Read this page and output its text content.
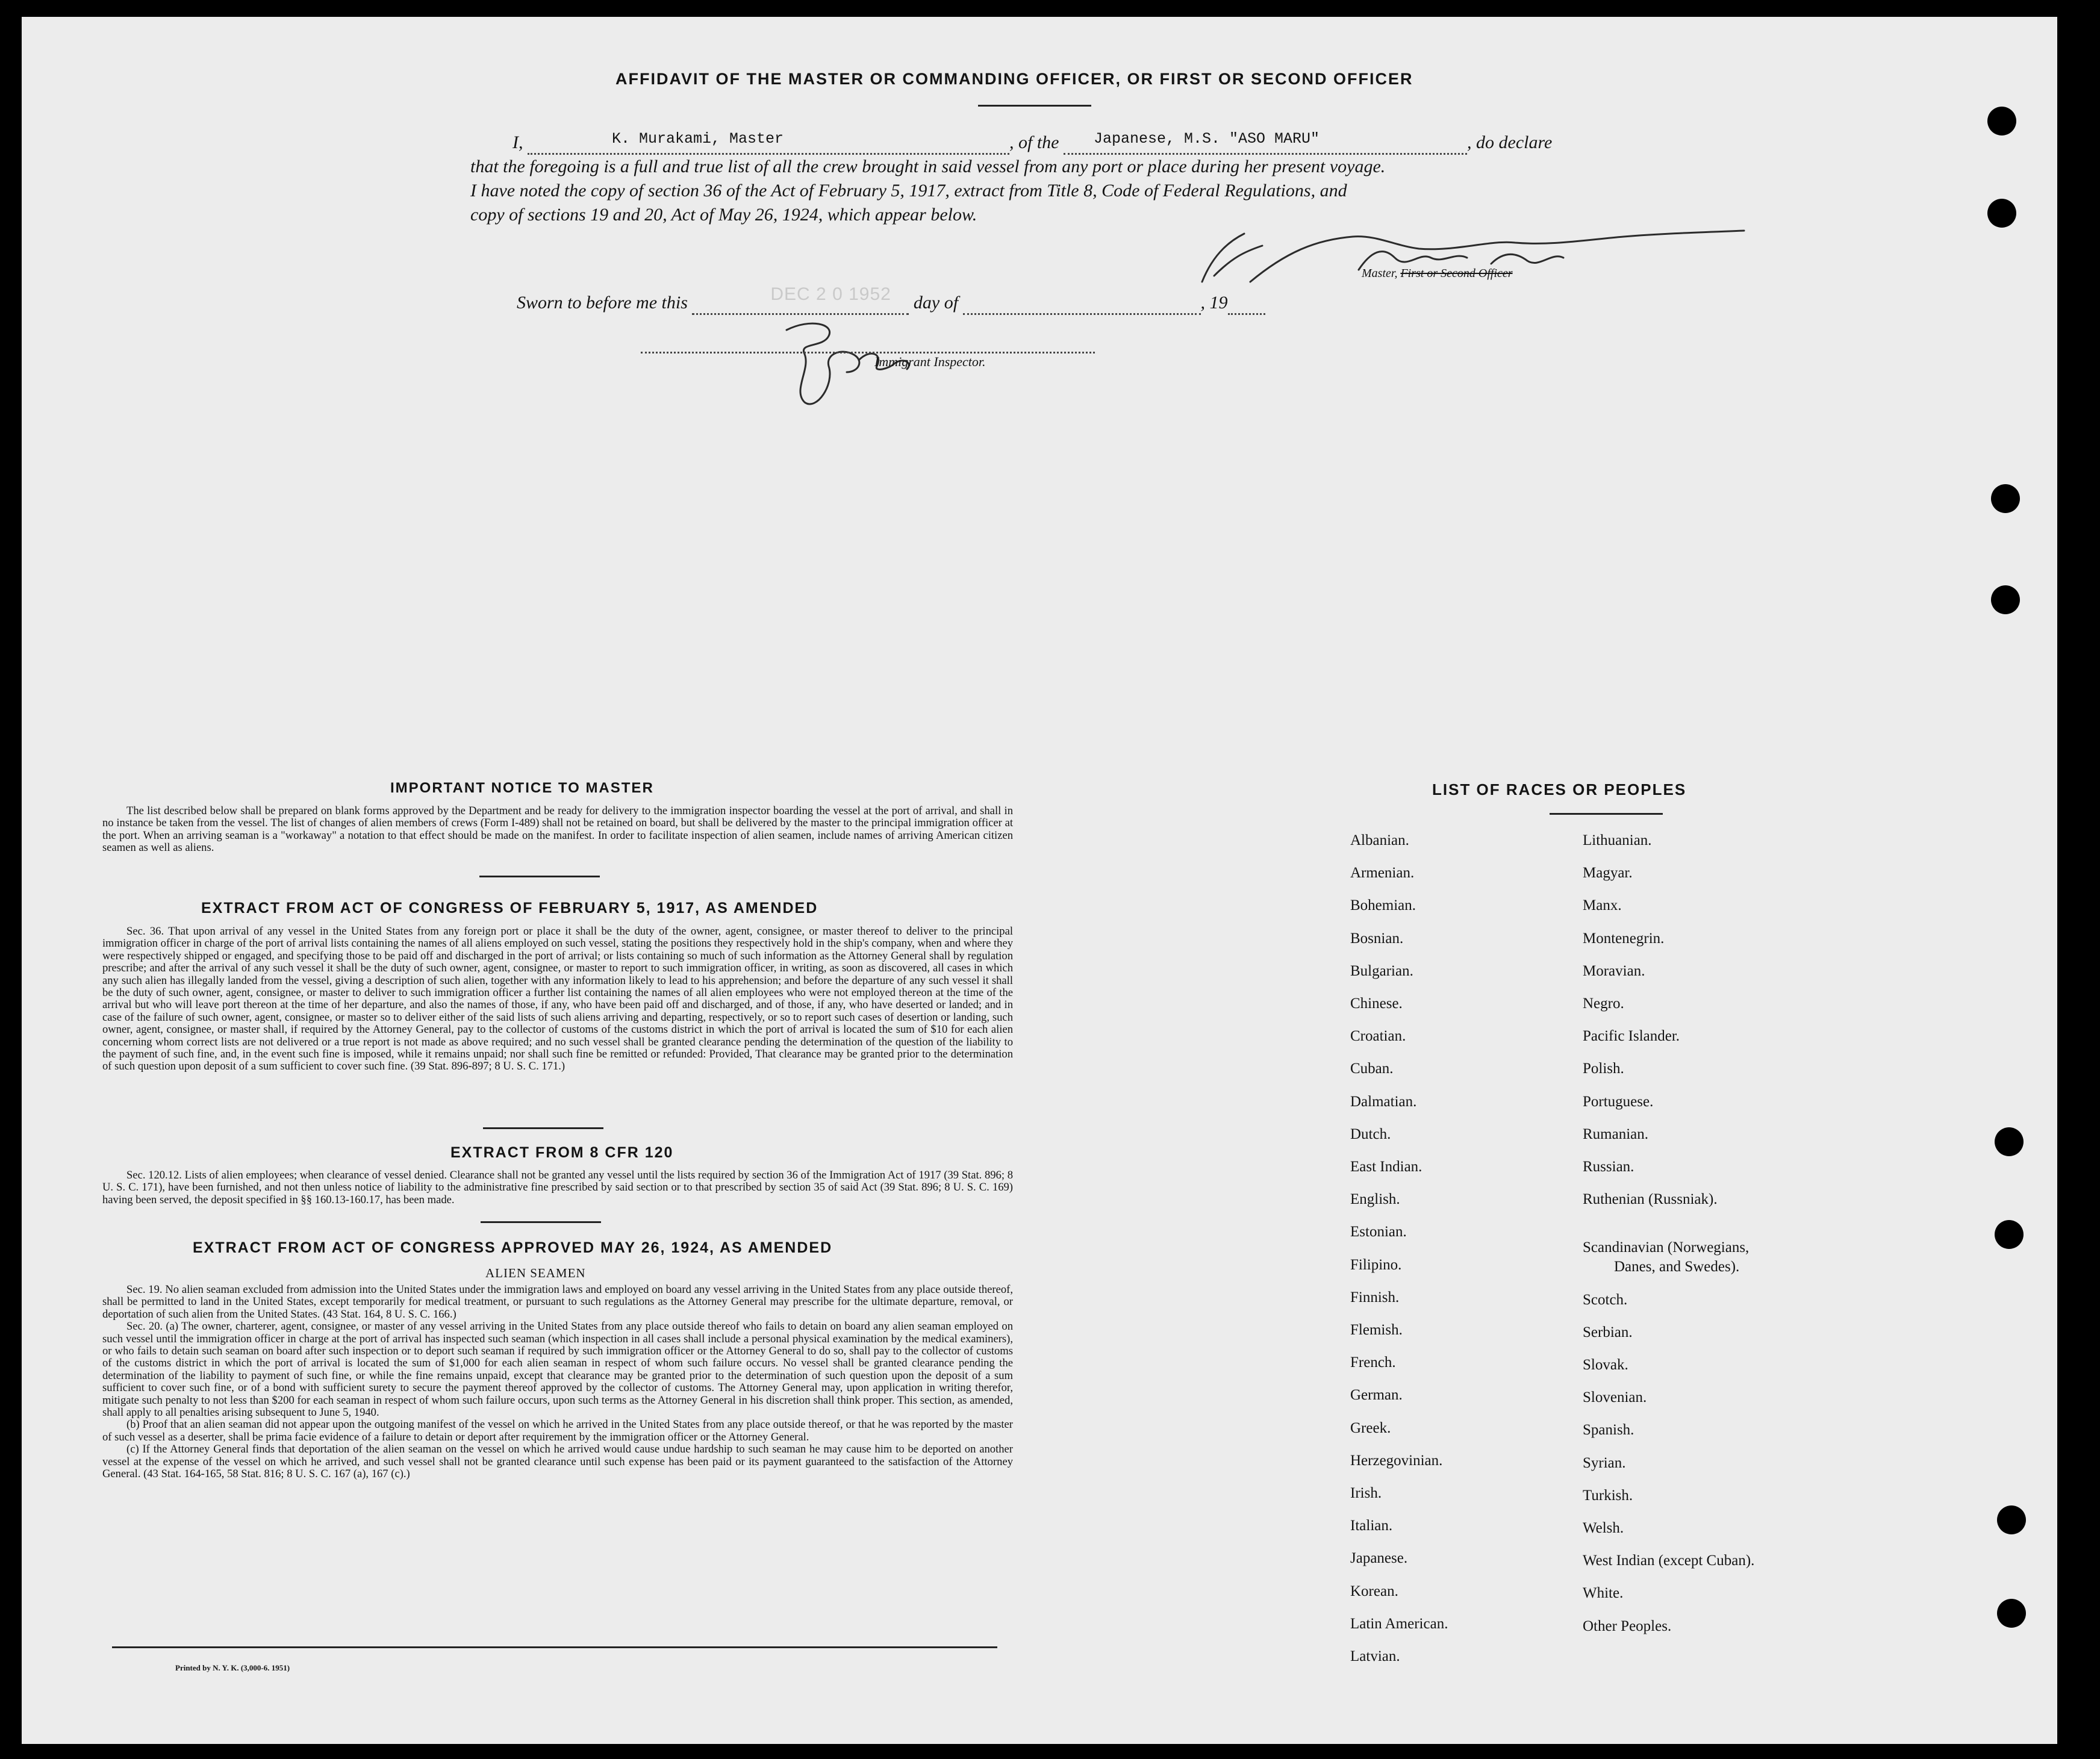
AFFIDAVIT OF THE MASTER OR COMMANDING OFFICER, OR FIRST OR SECOND OFFICER
I,	K. Murakami, Master	, of the Japanese, M.S. "ASO MARU"	, do declare
that the foregoing is a full and true list of all the crew brought in said vessel from any port or place during her present voyage.
I have noted the copy of section 36 of the Act of February 5, 1917, extract from Title 8, Code of Federal Regulations, and
copy of sections 19 and 20, Act of May 26, 1924, which appear below.
Master, First or Second Officer
Sworn to before me this	DEC 2 0 1952 day of	, 19
Immigrant Inspector.
IMPORTANT NOTICE TO MASTER
The list described below shall be prepared on blank forms approved by the Department and be ready for delivery to the immigration inspector boarding the vessel at the port of arrival, and shall in no instance be taken from the vessel. The list of changes of alien members of crews (Form I-489) shall not be retained on board, but shall be delivered by the master to the principal immigration officer at the port. When an arriving seaman is a "workaway" a notation to that effect should be made on the manifest. In order to facilitate inspection of alien seamen, include names of arriving American citizen seamen as well as aliens.
EXTRACT FROM ACT OF CONGRESS OF FEBRUARY 5, 1917, AS AMENDED
Sec. 36. That upon arrival of any vessel in the United States from any foreign port or place it shall be the duty of the owner, agent, consignee, or master thereof to deliver to the principal immigration officer in charge of the port of arrival lists containing the names of all aliens employed on such vessel, stating the positions they respectively hold in the ship's company, when and where they were respectively shipped or engaged, and specifying those to be paid off and discharged in the port of arrival; or lists containing so much of such information as the Attorney General shall by regulation prescribe; and after the arrival of any such vessel it shall be the duty of such owner, agent, consignee, or master to report to such immigration officer, in writing, as soon as discovered, all cases in which any such alien has illegally landed from the vessel, giving a description of such alien, together with any information likely to lead to his apprehension; and before the departure of any such vessel it shall be the duty of such owner, agent, consignee, or master to deliver to such immigration officer a further list containing the names of all alien employees who were not employed thereon at the time of the arrival but who will leave port thereon at the time of her departure, and also the names of those, if any, who have been paid off and discharged, and of those, if any, who have deserted or landed; and in case of the failure of such owner, agent, consignee, or master so to deliver either of the said lists of such aliens arriving and departing, respectively, or so to report such cases of desertion or landing, such owner, agent, consignee, or master shall, if required by the Attorney General, pay to the collector of customs of the customs district in which the port of arrival is located the sum of $10 for each alien concerning whom correct lists are not delivered or a true report is not made as above required; and no such vessel shall be granted clearance pending the determination of the question of the liability to the payment of such fine, and, in the event such fine is imposed, while it remains unpaid; nor shall such fine be remitted or refunded: Provided, That clearance may be granted prior to the determination of such question upon deposit of a sum sufficient to cover such fine. (39 Stat. 896-897; 8 U. S. C. 171.)
EXTRACT FROM 8 CFR 120
Sec. 120.12. Lists of alien employees; when clearance of vessel denied. Clearance shall not be granted any vessel until the lists required by section 36 of the Immigration Act of 1917 (39 Stat. 896; 8 U. S. C. 171), have been furnished, and not then unless notice of liability to the administrative fine prescribed by said section or to that prescribed by section 35 of said Act (39 Stat. 896; 8 U. S. C. 169) having been served, the deposit specified in §§ 160.13-160.17, has been made.
EXTRACT FROM ACT OF CONGRESS APPROVED MAY 26, 1924, AS AMENDED
ALIEN SEAMEN

Sec. 19. No alien seaman excluded from admission into the United States under the immigration laws and employed on board any vessel arriving in the United States from any place outside thereof, shall be permitted to land in the United States, except temporarily for medical treatment, or pursuant to such regulations as the Attorney General may prescribe for the ultimate departure, removal, or deportation of such alien from the United States. (43 Stat. 164, 8 U. S. C. 166.)

Sec. 20. (a) The owner, charterer, agent, consignee, or master of any vessel arriving in the United States from any place outside thereof who fails to detain on board any alien seaman employed on such vessel until the immigration officer in charge at the port of arrival has inspected such seaman (which inspection in all cases shall include a personal physical examination by the medical examiners), or who fails to detain such seaman on board after such inspection or to deport such seaman if required by such immigration officer or the Attorney General to do so, shall pay to the collector of customs of the customs district in which the port of arrival is located the sum of $1,000 for each alien seaman in respect of whom such failure occurs. No vessel shall be granted clearance pending the determination of the liability to payment of such fine, or while the fine remains unpaid, except that clearance may be granted prior to the determination of such question upon the deposit of a sum sufficient to cover such fine, or of a bond with sufficient surety to secure the payment thereof approved by the collector of customs. The Attorney General may, upon application in writing therefor, mitigate such penalty to not less than $200 for each seaman in respect of whom such failure occurs, upon such terms as the Attorney General in his discretion shall think proper. This section, as amended, shall apply to all penalties arising subsequent to June 5, 1940.

(b) Proof that an alien seaman did not appear upon the outgoing manifest of the vessel on which he arrived in the United States from any place outside thereof, or that he was reported by the master of such vessel as a deserter, shall be prima facie evidence of a failure to detain or deport after requirement by the immigration officer or the Attorney General.

(c) If the Attorney General finds that deportation of the alien seaman on the vessel on which he arrived would cause undue hardship to such seaman he may cause him to be deported on another vessel at the expense of the vessel on which he arrived, and such vessel shall not be granted clearance until such expense has been paid or its payment guaranteed to the satisfaction of the Attorney General. (43 Stat. 164-165, 58 Stat. 816; 8 U. S. C. 167 (a), 167 (c).)

Printed by N. Y. K. (3,000-6. 1951)
LIST OF RACES OR PEOPLES
Albanian.
Armenian.
Bohemian.
Bosnian.
Bulgarian.
Chinese.
Croatian.
Cuban.
Dalmatian.
Dutch.
East Indian.
English.
Estonian.
Filipino.
Finnish.
Flemish.
French.
German.
Greek.
Herzegovinian.
Irish.
Italian.
Japanese.
Korean.
Latin American.
Latvian.
Lithuanian.
Magyar.
Manx.
Montenegrin.
Moravian.
Negro.
Pacific Islander.
Polish.
Portuguese.
Rumanian.
Russian.
Ruthenian (Russniak).
Scandinavian (Norwegians,
Danes, and Swedes).
Scotch.
Serbian.
Slovak.
Slovenian.
Spanish.
Syrian.
Turkish.
Welsh.
West Indian (except Cuban).
White.
Other Peoples.
